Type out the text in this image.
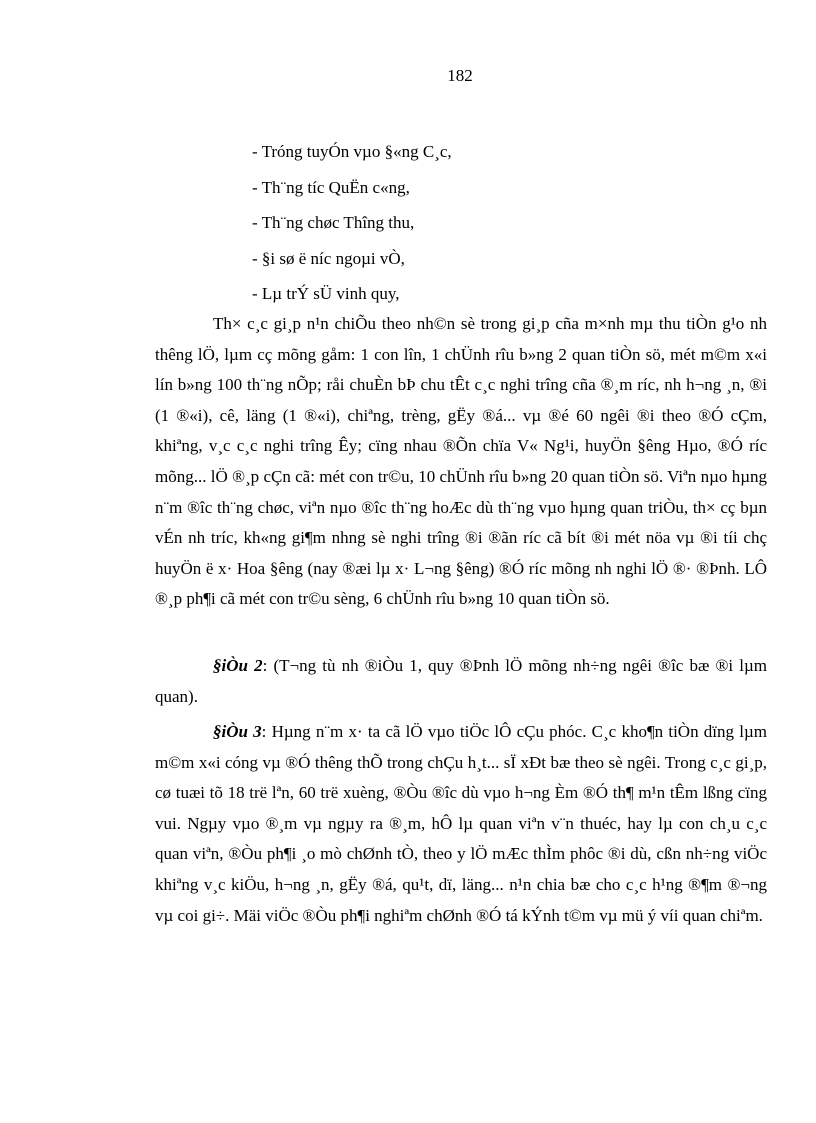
182
- Tróng tuyÓn vµo §«ng C¸c,
- Th¨ng tíc QuËn c«ng,
- Th¨ng chøc Thîng thu,
- §i sø ë níc ngoµi vÒ,
- Lµ trÝ sÜ vinh quy,

Th× c¸c gi¸p n¹n chiÕu theo nh©n sè trong gi¸p cña m×nh mµ thu tiÒn g¹o nh thêng lÖ, lµm cç mõng gåm: 1 con lîn, 1 chÜnh rîu b»ng 2 quan tiÒn sö, mét m©m x«i lín b»ng 100 th¨ng nÕp; råi chuÈn bÞ chu tÊt c¸c nghi trîng cña ®¸m ríc, nh h¬ng ¸n, ®i (1 ®«i), cê, läng (1 ®«i), chiªng, trèng, gËy ®á... vµ ®é 60 ngêi ®i theo ®Ó cÇm, khiªng, v¸c c¸c nghi trîng Êy; cïng nhau ®Õn chïa V« Ng¹i, huyÖn §êng Hµo, ®Ó ríc mõng... lÖ ®¸p cÇn cã: mét con tr©u, 10 chÜnh rîu b»ng 20 quan tiÒn sö. Viªn nµo hµng n¨m ®îc th¨ng chøc, viªn nµo ®îc th¨ng hoÆc dù th¨ng vµo hµng quan triÒu, th× cç bµn vÉn nh tríc, kh«ng gi¶m nhng sè nghi trîng ®i ®ãn ríc cã bít ®i mét nöa vµ ®i tíi chç huyÖn ë x· Hoa §êng (nay ®æi lµ x· L¬ng §êng) ®Ó ríc mõng nh nghi lÖ ®· ®Þnh. LÔ ®¸p ph¶i cã mét con tr©u sèng, 6 chÜnh rîu b»ng 10 quan tiÒn sö.

§iÒu 2: (T¬ng tù nh ®iÒu 1, quy ®Þnh lÖ mõng nh÷ng ngêi ®îc bæ ®i lµm quan).

§iÒu 3: Hµng n¨m x· ta cã lÖ vµo tiÖc lÔ cÇu phóc. C¸c kho¶n tiÒn dïng lµm m©m x«i cóng vµ ®Ó thêng thÕ trong chÇu h¸t... sÏ xÐt bæ theo sè ngêi. Trong c¸c gi¸p, cø tuæi tõ 18 trë lªn, 60 trë xuèng, ®Òu ®îc dù vµo h¬ng Èm ®Ó th¶ m¹n tÊm lßng cïng vui. Ngµy vµo ®¸m vµ ngµy ra ®¸m, hÔ lµ quan viªn v¨n thuéc, hay lµ con ch¸u c¸c quan viªn, ®Òu ph¶i ¸o mò chØnh tÒ, theo y lÖ mÆc thÌm phôc ®i dù, cßn nh÷ng viÖc khiªng v¸c kiÖu, h¬ng ¸n, gËy ®á, qu¹t, dï, läng... n¹n chia bæ cho c¸c h¹ng ®¶m ®¬ng vµ coi gi÷. Mäi viÖc ®Òu ph¶i nghiªm chØnh ®Ó tá kÝnh t©m vµ mü ý víi quan chiªm.
